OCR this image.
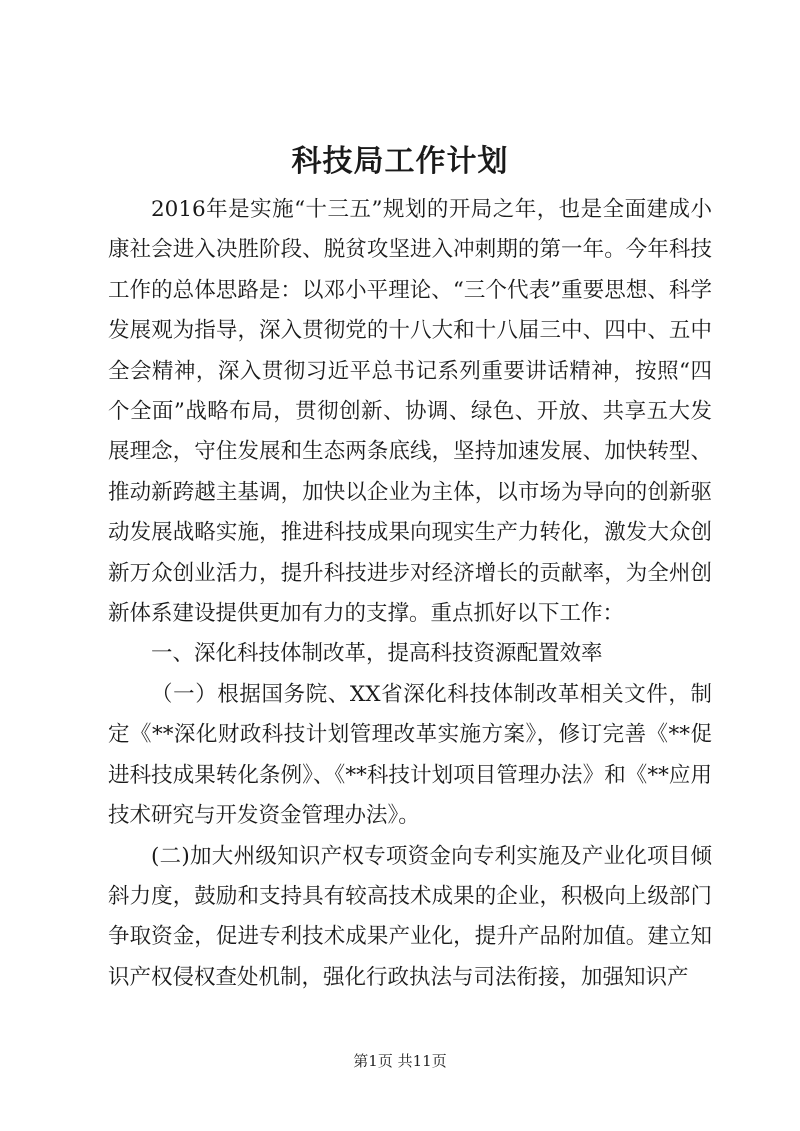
科技局工作计划

2016年是实施“十三五”规划的开局之年，也是全面建成小康社会进入决胜阶段、脱贫攻坚进入冲刺期的第一年。今年科技工作的总体思路是：以邓小平理论、“三个代表”重要思想、科学发展观为指导，深入贯彻党的十八大和十八届三中、四中、五中全会精神，深入贯彻习近平总书记系列重要讲话精神，按照“四个全面”战略布局，贯彻创新、协调、绿色、开放、共享五大发展理念，守住发展和生态两条底线，坚持加速发展、加快转型、推动新跨越主基调，加快以企业为主体，以市场为导向的创新驱动发展战略实施，推进科技成果向现实生产力转化，激发大众创新万众创业活力，提升科技进步对经济增长的贡献率，为全州创新体系建设提供更加有力的支撑。重点抓好以下工作：

一、深化科技体制改革，提高科技资源配置效率

（一）根据国务院、XX省深化科技体制改革相关文件，制定《**深化财政科技计划管理改革实施方案》，修订完善《**促进科技成果转化条例》、《**科技计划项目管理办法》和《**应用技术研究与开发资金管理办法》。

(二)加大州级知识产权专项资金向专利实施及产业化项目倾斜力度，鼓励和支持具有较高技术成果的企业，积极向上级部门争取资金，促进专利技术成果产业化，提升产品附加值。建立知识产权侵权查处机制，强化行政执法与司法衔接，加强知识产

第1页 共11页
